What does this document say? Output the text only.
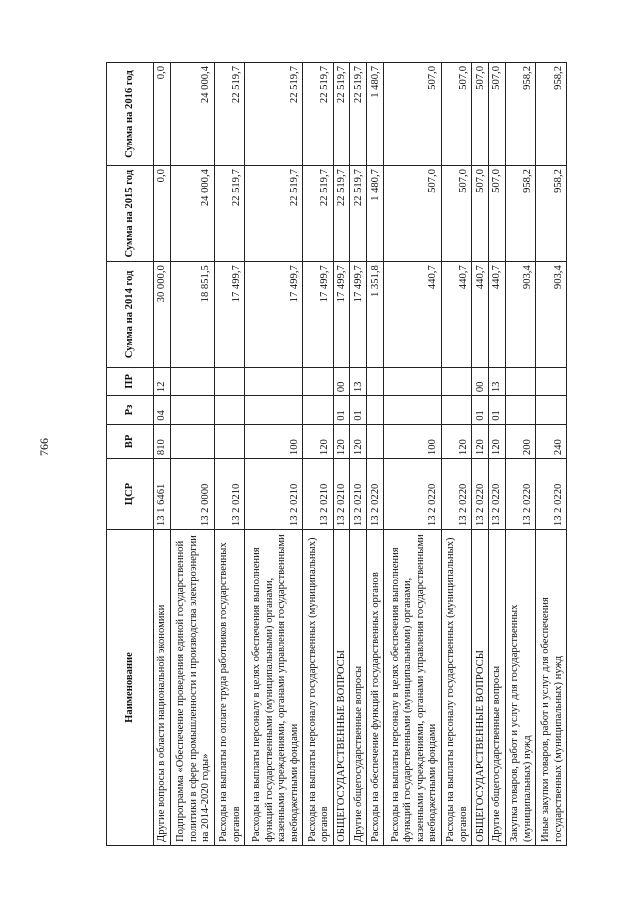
766
Наименование	ЦСР	ВР	Рз	ПР	Сумма на 2014 год	Сумма на 2015 год	Сумма на 2016 год
Другие вопросы в области национальной экономики	13 1 6461	810	04	12	30 000,0	0,0	0,0
Подпрограмма «Обеспечение проведения единой государственной политики в сфере промышленности и производства электроэнергии на 2014-2020 годы»	13 2 0000				18 851,5	24 000,4	24 000,4
Расходы на выплаты по оплате труда работников государственных органов	13 2 0210				17 499,7	22 519,7	22 519,7
Расходы на выплаты персоналу в целях обеспечения выполнения функций государственными (муниципальными) органами, казенными учреждениями, органами управления государственными внебюджетными фондами	13 2 0210	100			17 499,7	22 519,7	22 519,7
Расходы на выплаты персоналу государственных (муниципальных) органов	13 2 0210	120			17 499,7	22 519,7	22 519,7
ОБЩЕГОСУДАРСТВЕННЫЕ ВОПРОСЫ	13 2 0210	120	01	00	17 499,7	22 519,7	22 519,7
Другие общегосударственные вопросы	13 2 0210	120	01	13	17 499,7	22 519,7	22 519,7
Расходы на обеспечение функций государственных органов	13 2 0220				1 351,8	1 480,7	1 480,7
Расходы на выплаты персоналу в целях обеспечения выполнения функций государственными (муниципальными) органами, казенными учреждениями, органами управления государственными внебюджетными фондами	13 2 0220	100			440,7	507,0	507,0
Расходы на выплаты персоналу государственных (муниципальных) органов	13 2 0220	120			440,7	507,0	507,0
ОБЩЕГОСУДАРСТВЕННЫЕ ВОПРОСЫ	13 2 0220	120	01	00	440,7	507,0	507,0
Другие общегосударственные вопросы	13 2 0220	120	01	13	440,7	507,0	507,0
Закупка товаров, работ и услуг для государственных (муниципальных) нужд	13 2 0220	200			903,4	958,2	958,2
Иные закупки товаров, работ и услуг для обеспечения государственных (муниципальных) нужд	13 2 0220	240			903,4	958,2	958,2
